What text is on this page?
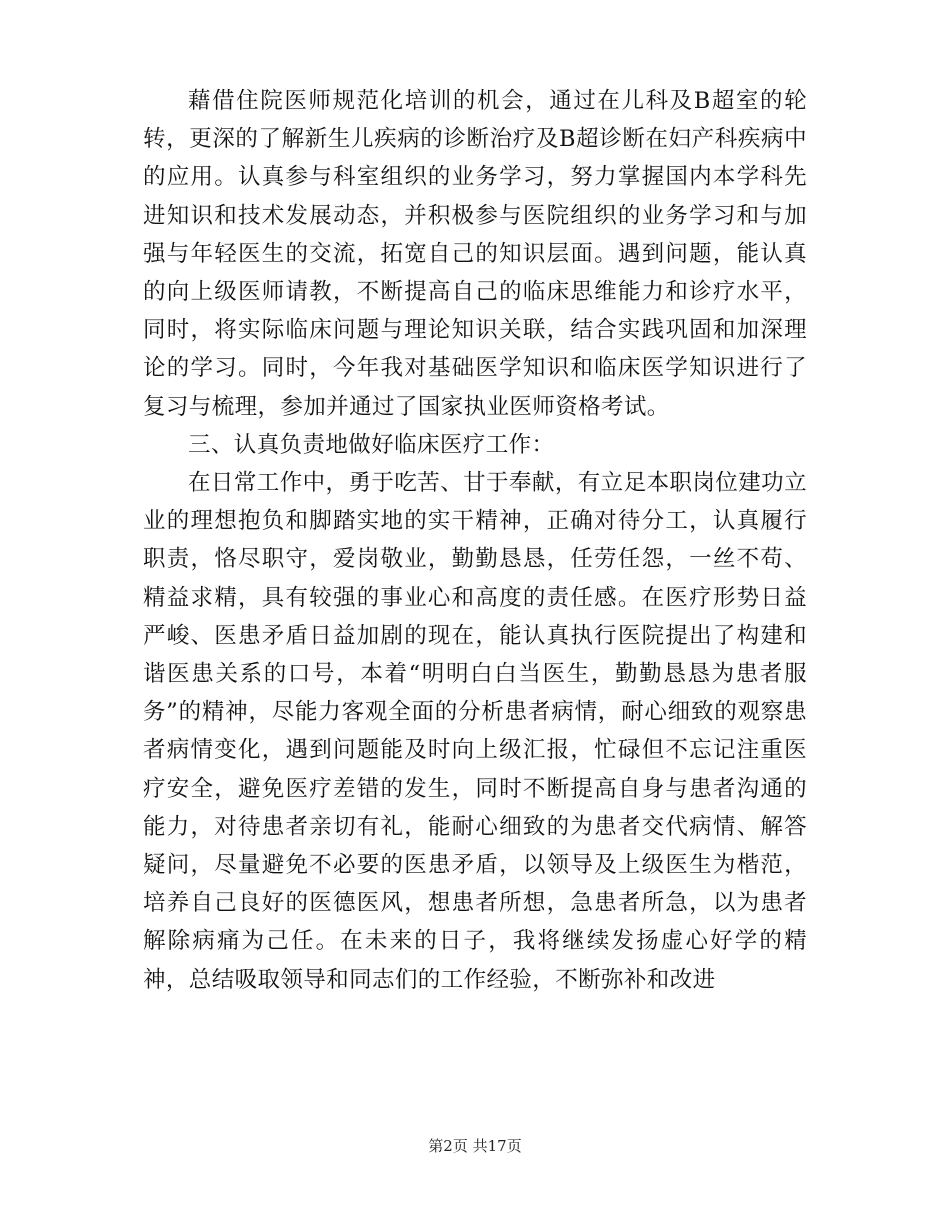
藉借住院医师规范化培训的机会，通过在儿科及B超室的轮转，更深的了解新生儿疾病的诊断治疗及B超诊断在妇产科疾病中的应用。认真参与科室组织的业务学习，努力掌握国内本学科先进知识和技术发展动态，并积极参与医院组织的业务学习和与加强与年轻医生的交流，拓宽自己的知识层面。遇到问题，能认真的向上级医师请教，不断提高自己的临床思维能力和诊疗水平，同时，将实际临床问题与理论知识关联，结合实践巩固和加深理论的学习。同时，今年我对基础医学知识和临床医学知识进行了复习与梳理，参加并通过了国家执业医师资格考试。

三、认真负责地做好临床医疗工作：

在日常工作中，勇于吃苦、甘于奉献，有立足本职岗位建功立业的理想抱负和脚踏实地的实干精神，正确对待分工，认真履行职责，恪尽职守，爱岗敬业，勤勤恳恳，任劳任怨，一丝不苟、精益求精，具有较强的事业心和高度的责任感。在医疗形势日益严峻、医患矛盾日益加剧的现在，能认真执行医院提出了构建和谐医患关系的口号，本着“明明白白当医生，勤勤恳恳为患者服务”的精神，尽能力客观全面的分析患者病情，耐心细致的观察患者病情变化，遇到问题能及时向上级汇报，忙碌但不忘记注重医疗安全，避免医疗差错的发生，同时不断提高自身与患者沟通的能力，对待患者亲切有礼，能耐心细致的为患者交代病情、解答疑问，尽量避免不必要的医患矛盾，以领导及上级医生为楷范，培养自己良好的医德医风，想患者所想，急患者所急，以为患者解除病痛为己任。在未来的日子，我将继续发扬虚心好学的精神，总结吸取领导和同志们的工作经验，不断弥补和改进

第2页 共17页
